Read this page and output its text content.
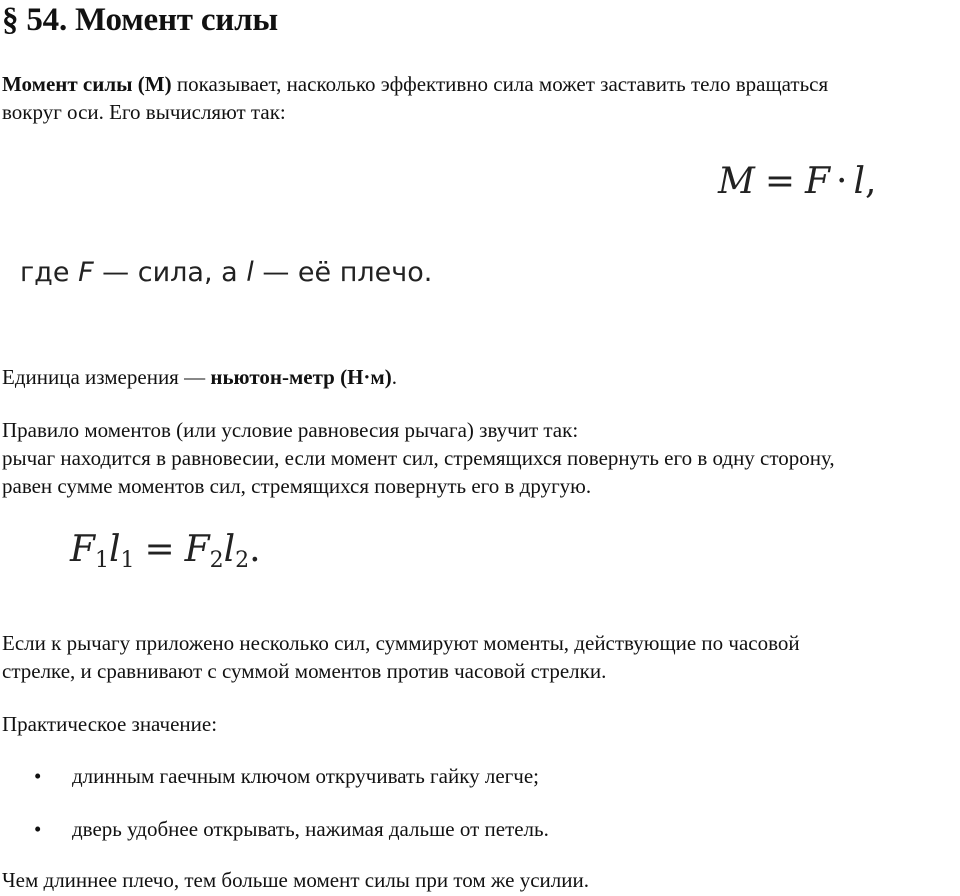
§ 54. Момент силы

Момент силы (M) показывает, насколько эффективно сила может заставить тело вращаться

вокруг оси. Его вычисляют так:

M = F · l,
где F — сила, а l — её плечо.

Единица измерения — ньютон-метр (Н·м).

Правило моментов (или условие равновесия рычага) звучит так:

рычаг находится в равновесии, если момент сил, стремящихся повернуть его в одну сторону,

равен сумме моментов сил, стремящихся повернуть его в другую.

$F_1l_1 = F_2l_2$.

Если к рычагу приложено несколько сил, суммируют моменты, действующие по часовой

стрелке, и сравнивают с суммой моментов против часовой стрелки.

Практическое значение:

• длинным гаечным ключом откручивать гайку легче;
• дверь удобнее открывать, нажимая дальше от петель.

Чем длиннее плечо, тем больше момент силы при том же усилии.
